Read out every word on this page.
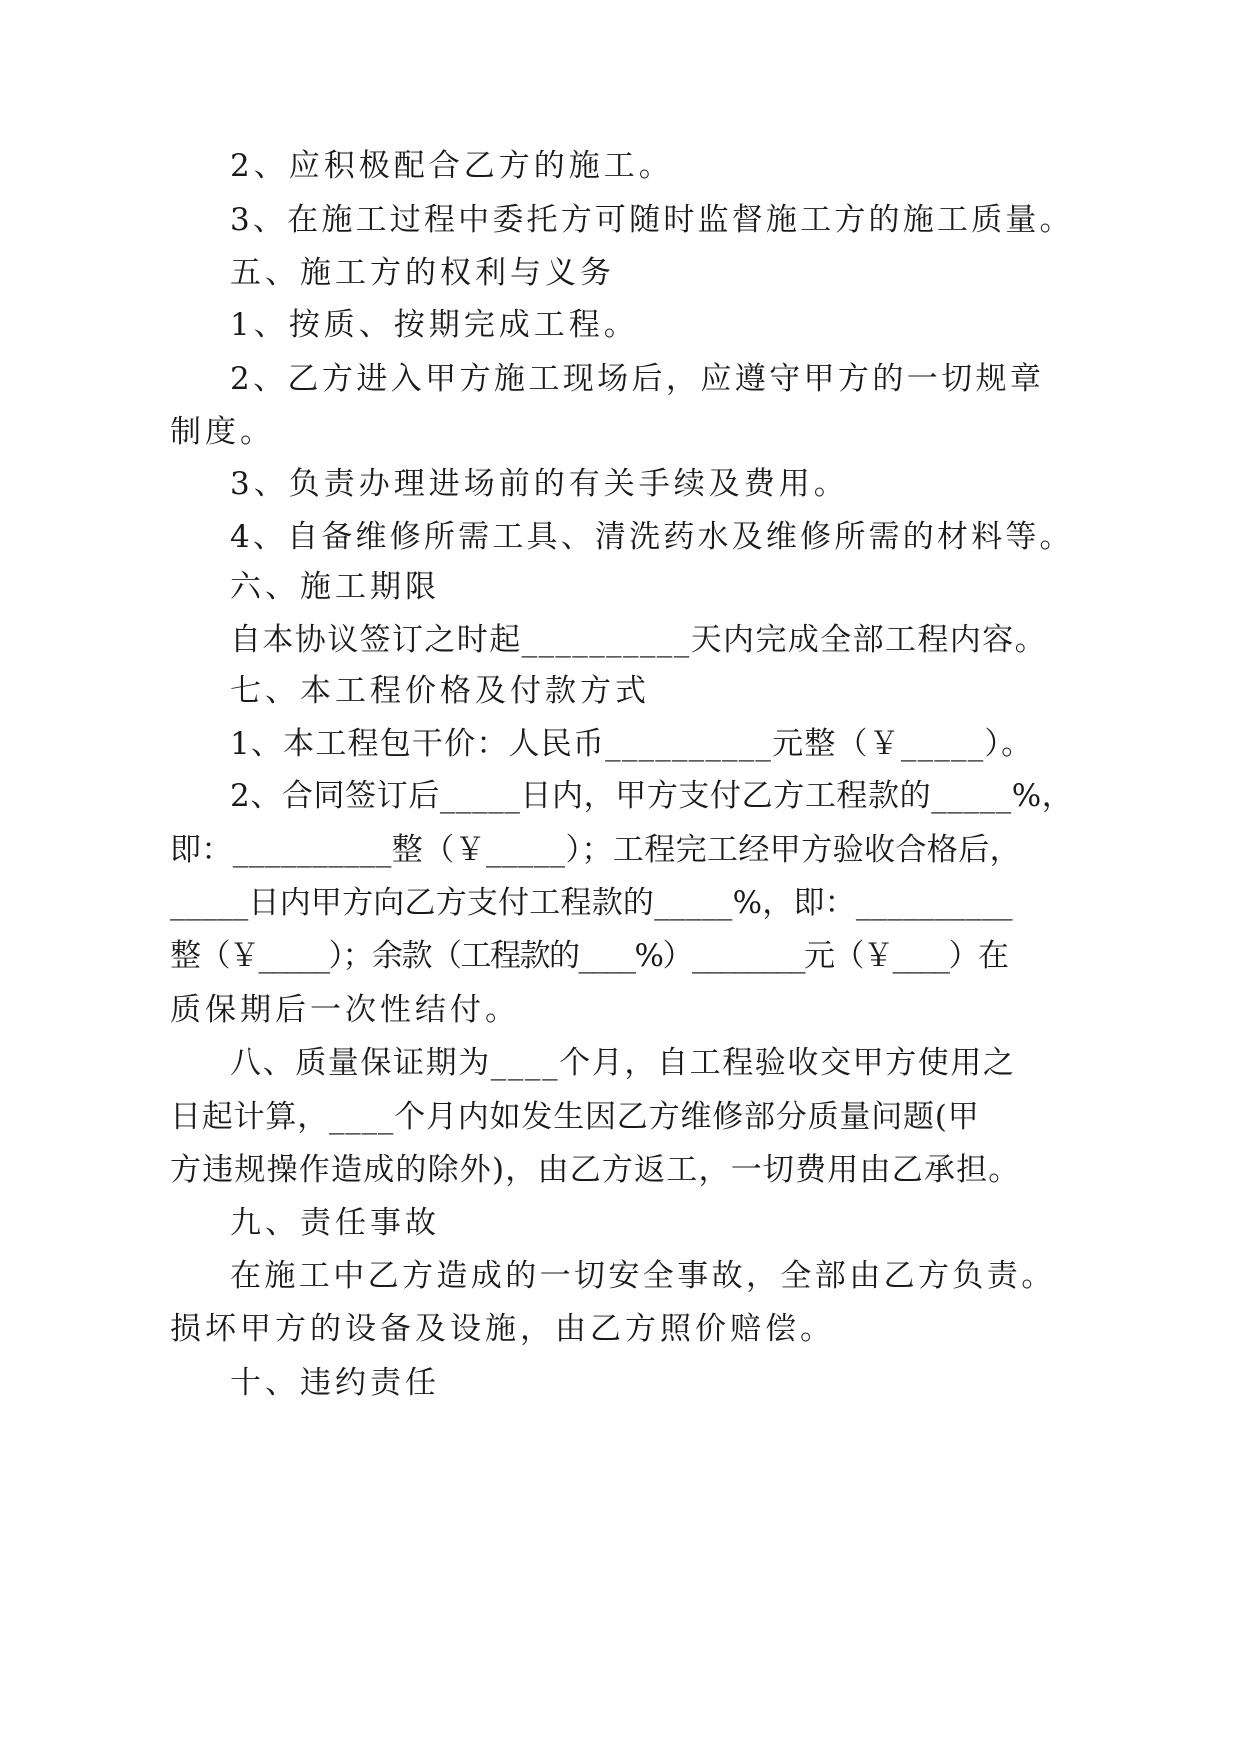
2、应积极配合乙方的施工。

3、在施工过程中委托方可随时监督施工方的施工质量。

五、施工方的权利与义务

1、按质、按期完成工程。

2、乙方进入甲方施工现场后，应遵守甲方的一切规章

制度。

3、负责办理进场前的有关手续及费用。

4、自备维修所需工具、清洗药水及维修所需的材料等。

六、施工期限

自本协议签订之时起__________天内完成全部工程内容。

七、本工程价格及付款方式

1、本工程包干价：人民币__________元整（￥_____）。

2、合同签订后_____日内，甲方支付乙方工程款的_____%，

即：__________整（￥_____）；工程完工经甲方验收合格后，

_____日内甲方向乙方支付工程款的_____%，即：__________

整（￥_____）；余款（工程款的____%）________元（￥____）在

质保期后一次性结付。

八、质量保证期为____个月，自工程验收交甲方使用之

日起计算，____个月内如发生因乙方维修部分质量问题(甲

方违规操作造成的除外)，由乙方返工，一切费用由乙承担。

九、责任事故

在施工中乙方造成的一切安全事故，全部由乙方负责。

损坏甲方的设备及设施，由乙方照价赔偿。

十、违约责任
